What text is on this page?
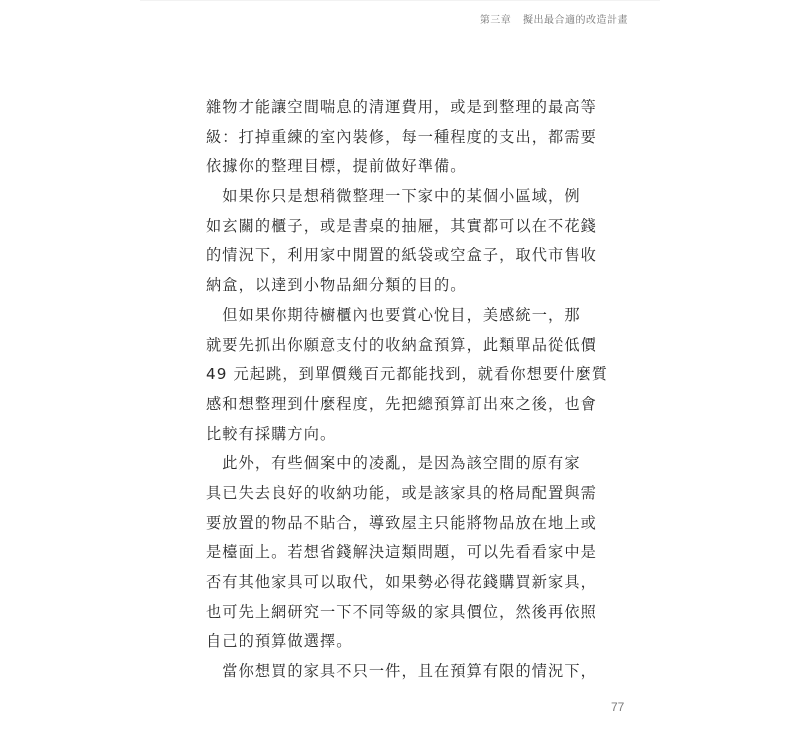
第三章 擬出最合適的改造計畫
雜物才能讓空間喘息的清運費用，或是到整理的最高等
級：打掉重練的室內裝修，每一種程度的支出，都需要
依據你的整理目標，提前做好準備。
　如果你只是想稍微整理一下家中的某個小區域，例
如玄關的櫃子，或是書桌的抽屜，其實都可以在不花錢
的情況下，利用家中閒置的紙袋或空盒子，取代市售收
納盒，以達到小物品細分類的目的。
　但如果你期待櫥櫃內也要賞心悅目，美感統一，那
就要先抓出你願意支付的收納盒預算，此類單品從低價
49 元起跳，到單價幾百元都能找到，就看你想要什麼質
感和想整理到什麼程度，先把總預算訂出來之後，也會
比較有採購方向。
　此外，有些個案中的凌亂，是因為該空間的原有家
具已失去良好的收納功能，或是該家具的格局配置與需
要放置的物品不貼合，導致屋主只能將物品放在地上或
是檯面上。若想省錢解決這類問題，可以先看看家中是
否有其他家具可以取代，如果勢必得花錢購買新家具，
也可先上網研究一下不同等級的家具價位，然後再依照
自己的預算做選擇。
　當你想買的家具不只一件，且在預算有限的情況下，
77
